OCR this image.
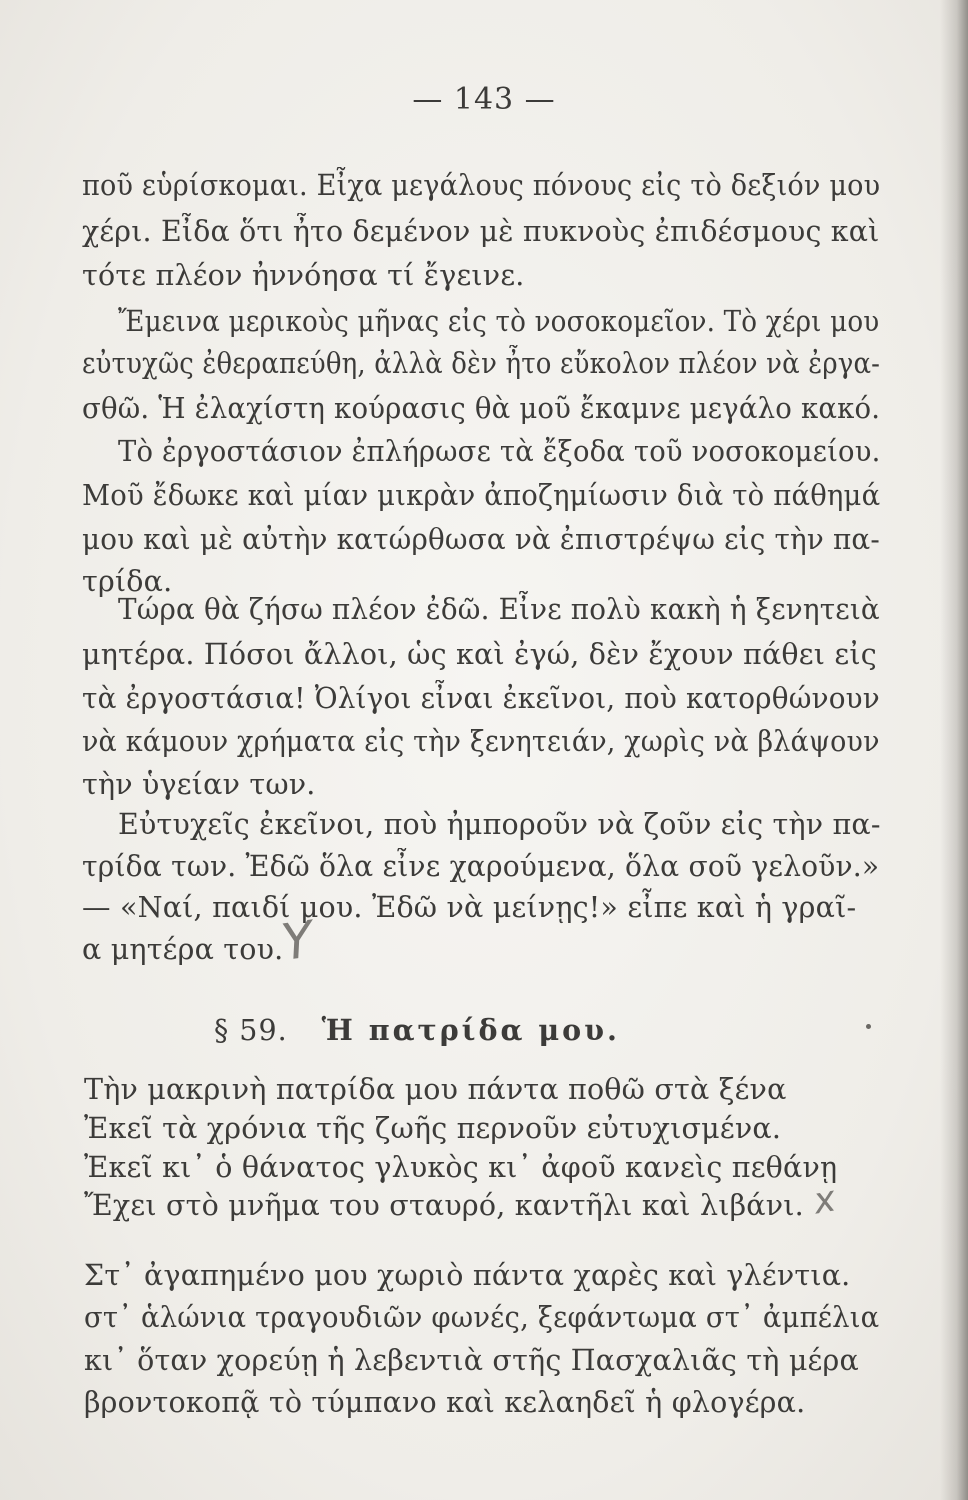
— 143 —
ποῦ εὑρίσκομαι. Εἶχα μεγάλους πόνους εἰς τὸ δεξιόν μου
χέρι. Εἶδα ὅτι ἦτο δεμένον μὲ πυκνοὺς ἐπιδέσμους καὶ
τότε πλέον ἠννόησα τί ἔγεινε.
Ἔμεινα μερικοὺς μῆνας εἰς τὸ νοσοκομεῖον. Τὸ χέρι μου
εὐτυχῶς ἐθεραπεύθη, ἀλλὰ δὲν ἦτο εὔκολον πλέον νὰ ἐργα-
σθῶ. Ἡ ἐλαχίστη κούρασις θὰ μοῦ ἔκαμνε μεγάλο κακό.
Τὸ ἐργοστάσιον ἐπλήρωσε τὰ ἔξοδα τοῦ νοσοκομείου.
Μοῦ ἔδωκε καὶ μίαν μικρὰν ἀποζημίωσιν διὰ τὸ πάθημά
μου καὶ μὲ αὐτὴν κατώρθωσα νὰ ἐπιστρέψω εἰς τὴν πα-
τρίδα.
Τώρα θὰ ζήσω πλέον ἐδῶ. Εἶνε πολὺ κακὴ ἡ ξενητειὰ
μητέρα. Πόσοι ἄλλοι, ὡς καὶ ἐγώ, δὲν ἔχουν πάθει εἰς
τὰ ἐργοστάσια! Ὀλίγοι εἶναι ἐκεῖνοι, ποὺ κατορθώνουν
νὰ κάμουν χρήματα εἰς τὴν ξενητειάν, χωρὶς νὰ βλάψουν
τὴν ὑγείαν των.
Εὐτυχεῖς ἐκεῖνοι, ποὺ ἠμποροῦν νὰ ζοῦν εἰς τὴν πα-
τρίδα των. Ἐδῶ ὅλα εἶνε χαρούμενα, ὅλα σοῦ γελοῦν.»
— «Ναί, παιδί μου. Ἐδῶ νὰ μείνῃς!» εἶπε καὶ ἡ γραῖ-
α μητέρα του.
Y
§ 59. Ἡ πατρίδα μου.
Τὴν μακρινὴ πατρίδα μου πάντα ποθῶ στὰ ξένα
Ἐκεῖ τὰ χρόνια τῆς ζωῆς περνοῦν εὐτυχισμένα.
Ἐκεῖ κι᾽ ὁ θάνατος γλυκὸς κι᾽ ἀφοῦ κανεὶς πεθάνῃ
Ἔχει στὸ μνῆμα του σταυρό, καντῆλι καὶ λιβάνι. x
Στ᾽ ἀγαπημένο μου χωριὸ πάντα χαρὲς καὶ γλέντια.
στ᾽ ἁλώνια τραγουδιῶν φωνές, ξεφάντωμα στ᾽ ἀμπέλια
κι᾽ ὅταν χορεύῃ ἡ λεβεντιὰ στῆς Πασχαλιᾶς τὴ μέρα
βροντοκοπᾷ τὸ τύμπανο καὶ κελαηδεῖ ἡ φλογέρα.
